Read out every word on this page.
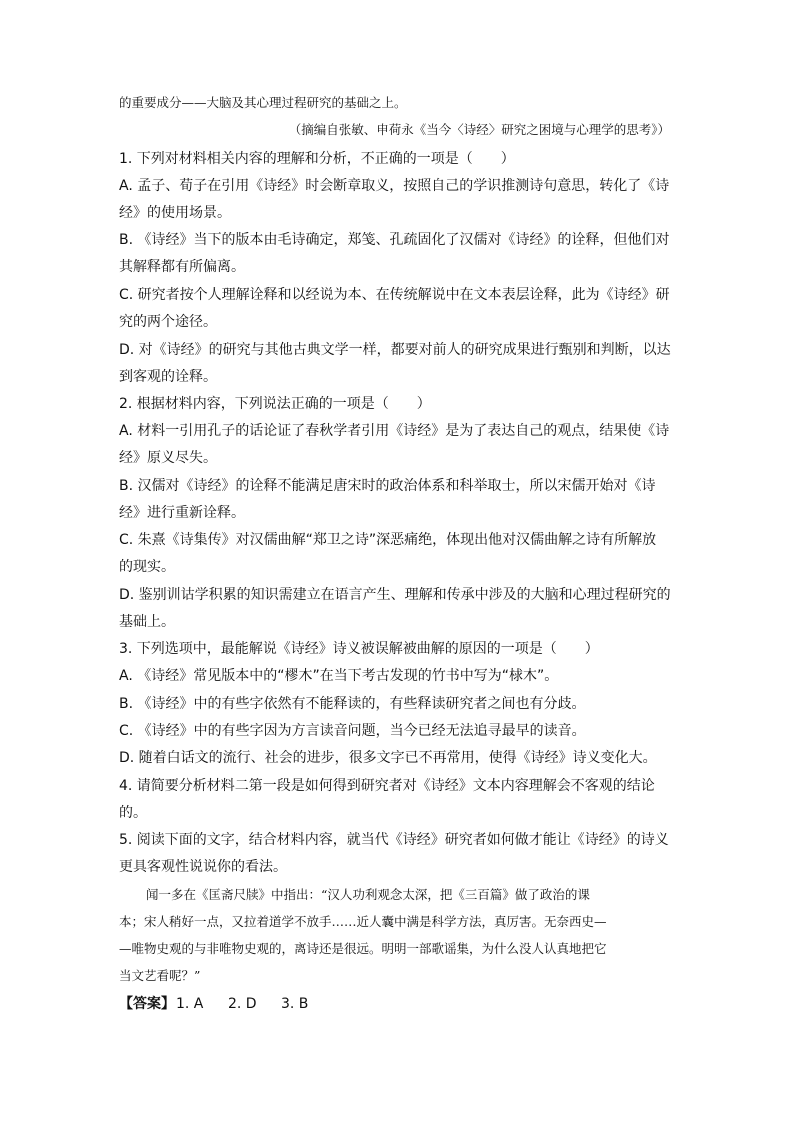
的重要成分——大脑及其心理过程研究的基础之上。
（摘编自张敏、申荷永《当今〈诗经〉研究之困境与心理学的思考》）
1. 下列对材料相关内容的理解和分析，不正确的一项是（　　）
A. 孟子、荀子在引用《诗经》时会断章取义，按照自己的学识推测诗句意思，转化了《诗
经》的使用场景。
B. 《诗经》当下的版本由毛诗确定，郑笺、孔疏固化了汉儒对《诗经》的诠释，但他们对
其解释都有所偏离。
C. 研究者按个人理解诠释和以经说为本、在传统解说中在文本表层诠释，此为《诗经》研
究的两个途径。
D. 对《诗经》的研究与其他古典文学一样，都要对前人的研究成果进行甄别和判断，以达
到客观的诠释。
2. 根据材料内容，下列说法正确的一项是（　　）
A. 材料一引用孔子的话论证了春秋学者引用《诗经》是为了表达自己的观点，结果使《诗
经》原义尽失。
B. 汉儒对《诗经》的诠释不能满足唐宋时的政治体系和科举取士，所以宋儒开始对《诗
经》进行重新诠释。
C. 朱熹《诗集传》对汉儒曲解“郑卫之诗”深恶痛绝，体现出他对汉儒曲解之诗有所解放
的现实。
D. 鉴别训诂学积累的知识需建立在语言产生、理解和传承中涉及的大脑和心理过程研究的
基础上。
3. 下列选项中，最能解说《诗经》诗义被误解被曲解的原因的一项是（　　）
A. 《诗经》常见版本中的“樛木”在当下考古发现的竹书中写为“梂木”。
B. 《诗经》中的有些字依然有不能释读的，有些释读研究者之间也有分歧。
C. 《诗经》中的有些字因为方言读音问题，当今已经无法追寻最早的读音。
D. 随着白话文的流行、社会的进步，很多文字已不再常用，使得《诗经》诗义变化大。
4. 请简要分析材料二第一段是如何得到研究者对《诗经》文本内容理解会不客观的结论
的。
5. 阅读下面的文字，结合材料内容，就当代《诗经》研究者如何做才能让《诗经》的诗义
更具客观性说说你的看法。
闻一多在《匡斋尺牍》中指出：“汉人功利观念太深，把《三百篇》做了政治的课
本；宋人稍好一点，又拉着道学不放手……近人囊中满是科学方法，真厉害。无奈西史—
—唯物史观的与非唯物史观的，离诗还是很远。明明一部歌谣集，为什么没人认真地把它
当文艺看呢？”
【答案】 1. A 2. D 3. B
